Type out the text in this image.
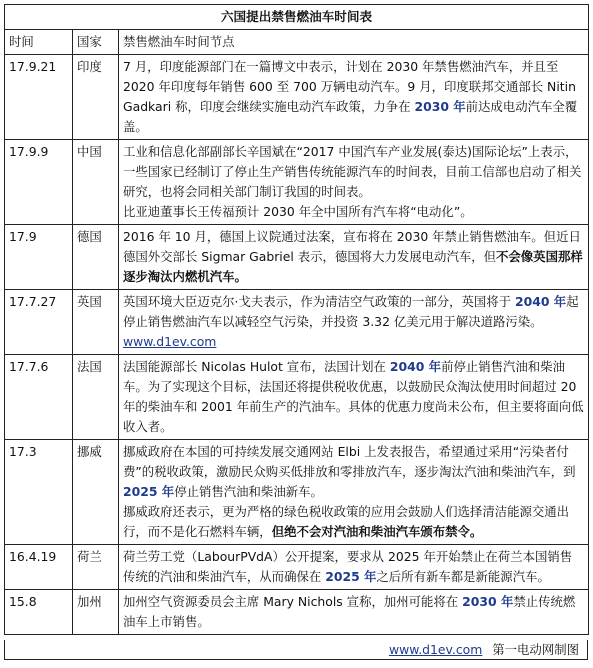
六国提出禁售燃油车时间表		
时间	国家	禁售燃油车时间节点
17.9.21	印度	7 月，印度能源部门在一篇博文中表示，计划在 2030 年禁售燃油汽车，并且至 2020 年印度每年销售 600 至 700 万辆电动汽车。9 月，印度联邦交通部长 Nitin Gadkari 称，印度会继续实施电动汽车政策，力争在 2030 年前达成电动汽车全覆盖。
17.9.9	中国	工业和信息化部副部长辛国斌在“2017 中国汽车产业发展(泰达)国际论坛”上表示，一些国家已经制订了停止生产销售传统能源汽车的时间表，目前工信部也启动了相关研究，也将会同相关部门制订我国的时间表。
比亚迪董事长王传福预计 2030 年全中国所有汽车将“电动化”。
17.9	德国	2016 年 10 月，德国上议院通过法案，宣布将在 2030 年禁止销售燃油车。但近日德国外交部长 Sigmar Gabriel 表示，德国将大力发展电动汽车，但不会像英国那样逐步淘汰内燃机汽车。
17.7.27	英国	英国环境大臣迈克尔·戈夫表示，作为清洁空气政策的一部分，英国将于 2040 年起停止销售燃油汽车以减轻空气污染，并投资 3.32 亿美元用于解决道路污染。 www.d1ev.com
17.7.6	法国	法国能源部长 Nicolas Hulot 宣布，法国计划在 2040 年前停止销售汽油和柴油车。为了实现这个目标，法国还将提供税收优惠，以鼓励民众淘汰使用时间超过 20 年的柴油车和 2001 年前生产的汽油车。具体的优惠力度尚未公布，但主要将面向低收入者。
17.3	挪威	挪威政府在本国的可持续发展交通网站 Elbi 上发表报告，希望通过采用“污染者付费”的税收政策，激励民众购买低排放和零排放汽车，逐步淘汰汽油和柴油汽车，到 2025 年停止销售汽油和柴油新车。
挪威政府还表示，更为严格的绿色税收政策的应用会鼓励人们选择清洁能源交通出行，而不是化石燃料车辆，但绝不会对汽油和柴油汽车颁布禁令。
16.4.19	荷兰	荷兰劳工党（LabourPVdA）公开提案，要求从 2025 年开始禁止在荷兰本国销售传统的汽油和柴油汽车，从而确保在 2025 年之后所有新车都是新能源汽车。
15.8	加州	加州空气资源委员会主席 Mary Nichols 宣称，加州可能将在 2030 年禁止传统燃油车上市销售。
www.d1ev.com 第一电动网制图
